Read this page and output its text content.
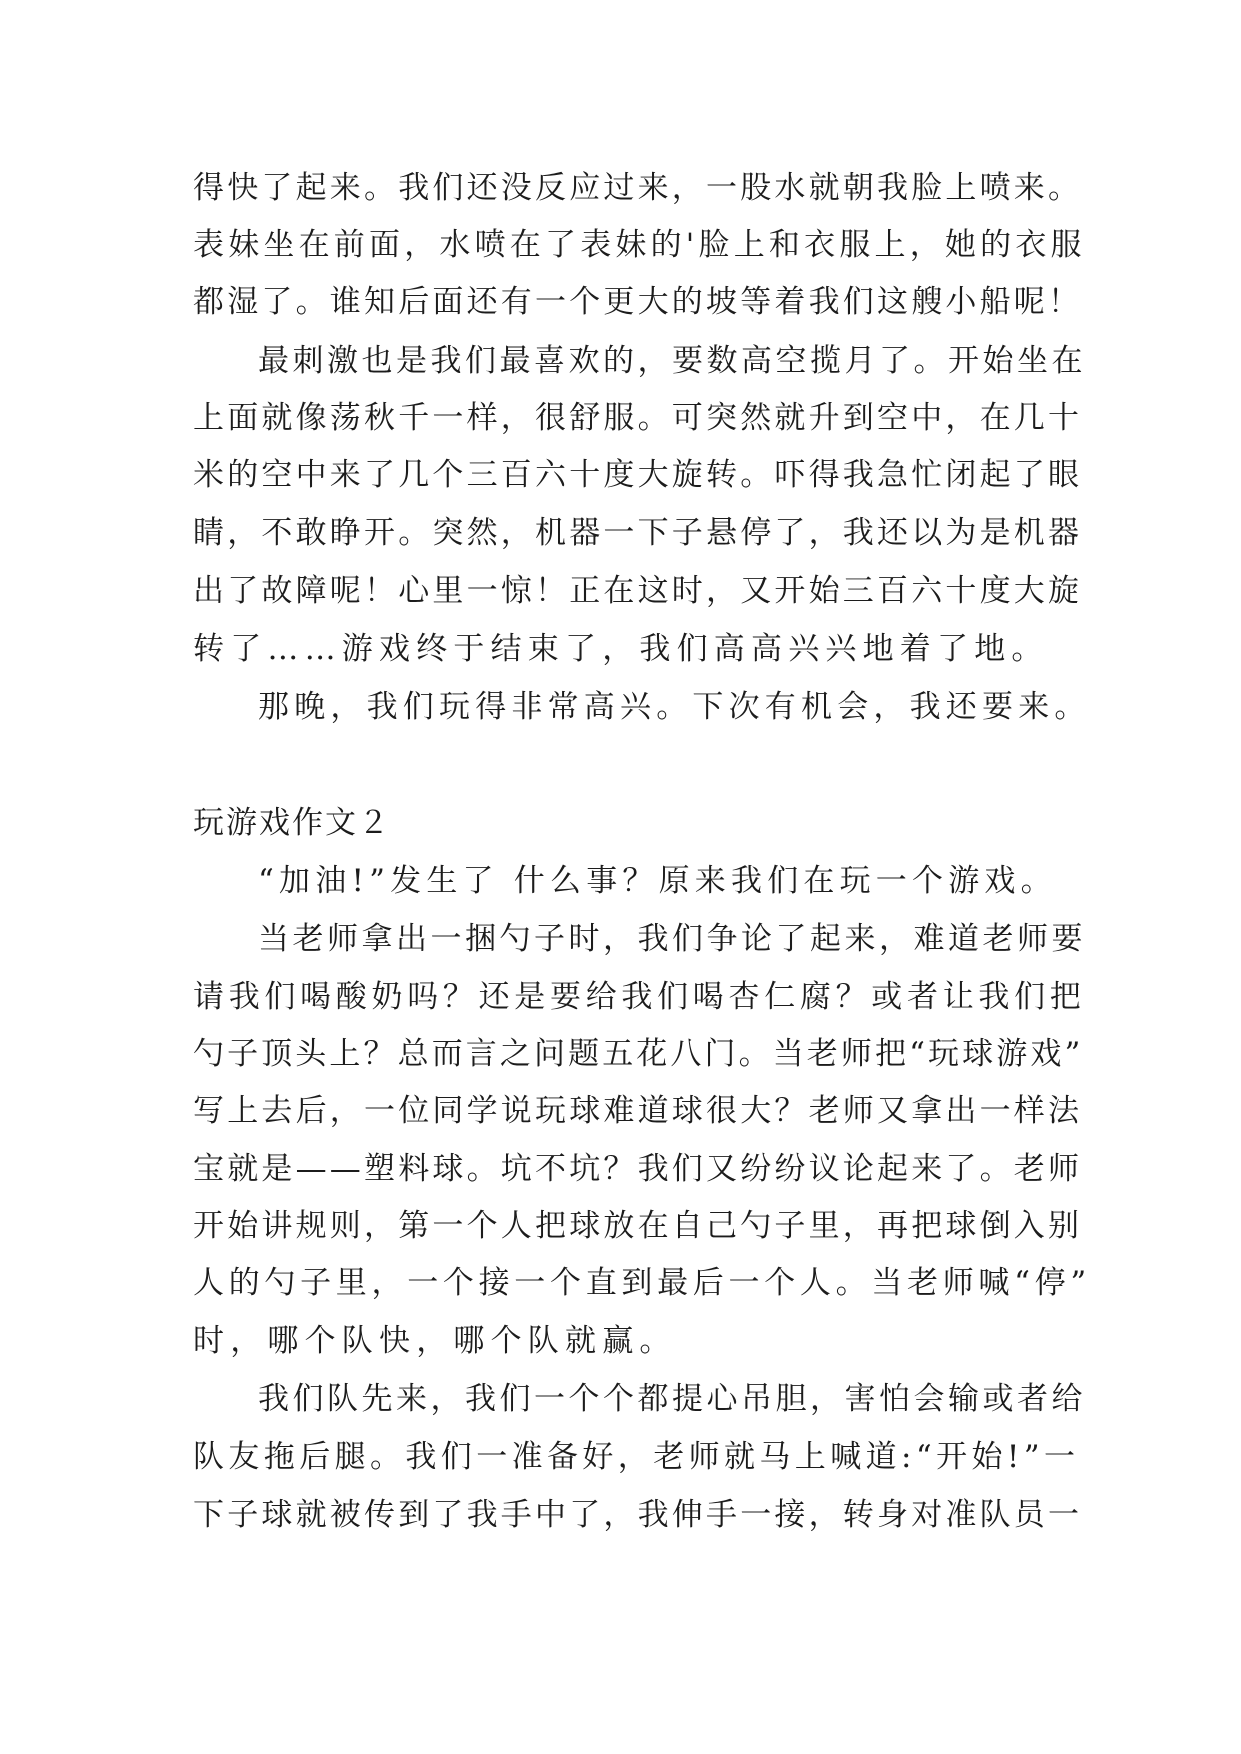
得快了起来。我们还没反应过来，一股水就朝我脸上喷来。
表妹坐在前面，水喷在了表妹的'脸上和衣服上，她的衣服
都湿了。谁知后面还有一个更大的坡等着我们这艘小船呢！
最刺激也是我们最喜欢的，要数高空揽月了。开始坐在
上面就像荡秋千一样，很舒服。可突然就升到空中，在几十
米的空中来了几个三百六十度大旋转。吓得我急忙闭起了眼
睛，不敢睁开。突然，机器一下子悬停了，我还以为是机器
出了故障呢！心里一惊！正在这时，又开始三百六十度大旋
转了……游戏终于结束了，我们高高兴兴地着了地。
那晚，我们玩得非常高兴。下次有机会，我还要来。
玩游戏作文２
“加油!”发生了 什么事？原来我们在玩一个游戏。
当老师拿出一捆勺子时，我们争论了起来，难道老师要
请我们喝酸奶吗？还是要给我们喝杏仁腐？或者让我们把
勺子顶头上？总而言之问题五花八门。当老师把“玩球游戏”
写上去后，一位同学说玩球难道球很大？老师又拿出一样法
宝就是——塑料球。坑不坑？我们又纷纷议论起来了。老师
开始讲规则，第一个人把球放在自己勺子里，再把球倒入别
人的勺子里，一个接一个直到最后一个人。当老师喊“停”
时，哪个队快，哪个队就赢。
我们队先来，我们一个个都提心吊胆，害怕会输或者给
队友拖后腿。我们一准备好，老师就马上喊道:“开始!”一
下子球就被传到了我手中了，我伸手一接，转身对准队员一
